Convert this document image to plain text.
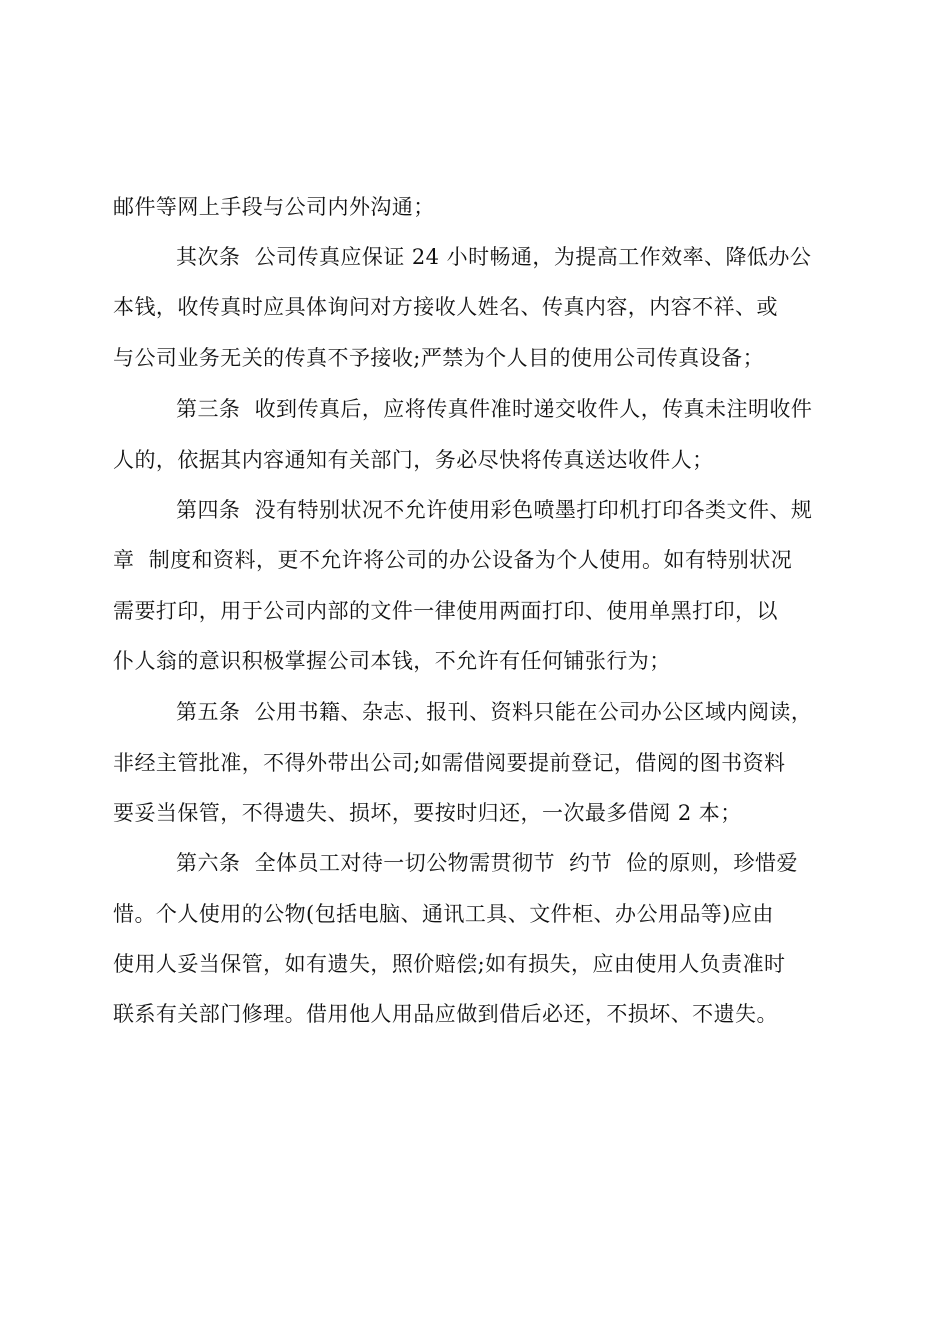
邮件等网上手段与公司内外沟通；
其次条  公司传真应保证 24 小时畅通，为提高工作效率、降低办公
本钱，收传真时应具体询问对方接收人姓名、传真内容，内容不祥、或
与公司业务无关的传真不予接收;严禁为个人目的使用公司传真设备；
第三条  收到传真后，应将传真件准时递交收件人，传真未注明收件
人的，依据其内容通知有关部门，务必尽快将传真送达收件人；
第四条  没有特别状况不允许使用彩色喷墨打印机打印各类文件、规
章  制度和资料，更不允许将公司的办公设备为个人使用。如有特别状况
需要打印，用于公司内部的文件一律使用两面打印、使用单黑打印，以
仆人翁的意识积极掌握公司本钱，不允许有任何铺张行为；
第五条  公用书籍、杂志、报刊、资料只能在公司办公区域内阅读，
非经主管批准，不得外带出公司;如需借阅要提前登记，借阅的图书资料
要妥当保管，不得遗失、损坏，要按时归还，一次最多借阅 2 本；
第六条  全体员工对待一切公物需贯彻节  约节  俭的原则，珍惜爱
惜。个人使用的公物(包括电脑、通讯工具、文件柜、办公用品等)应由
使用人妥当保管，如有遗失，照价赔偿;如有损失，应由使用人负责准时
联系有关部门修理。借用他人用品应做到借后必还，不损坏、不遗失。
